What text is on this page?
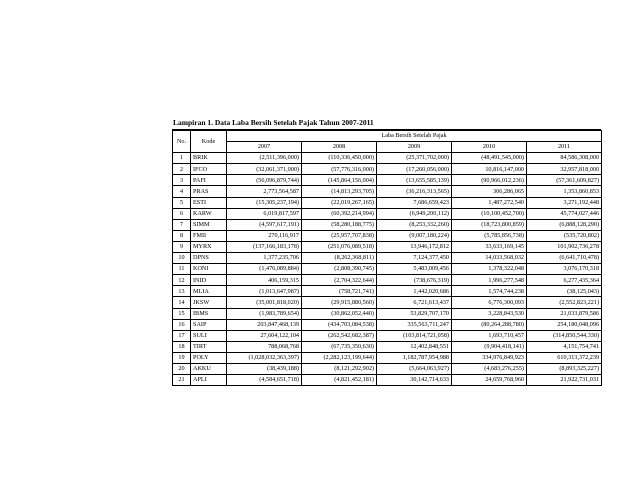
Lampiran 1. Data Laba Bersih Setelah Pajak Tahun 2007-2011
No.	Kode	Laba Bersih Setelah Pajak				
		2007	2008	2009	2010	2011
1	BRIK	(2,511,396,000)	(110,336,450,000)	(25,371,702,000)	(48,491,545,000)	84,586,308,000
2	IFCO	(32,061,371,000)	(57,776,316,000)	(17,260,056,000)	10,816,147,000	32,957,818,000
3	PAFI	(56,096,879,744)	(145,864,156,004)	(13,655,585,139)	(90,966,012,236)	(57,361,609,827)
4	PRAS	2,773,564,587	(14,813,293,705)	(36,216,313,565)	306,286,065	1,353,860,853
5	ESTI	(15,305,237,194)	(22,019,267,165)	7,686,659,423	1,487,272,540	3,271,192,448
6	KARW	6,019,817,597	(60,392,214,994)	(6,949,200,112)	(10,100,452,700)	45,774,027,446
7	SIMM	(4,597,617,191)	(58,280,188,775)	(8,253,332,260)	(18,723,800,859)	(6,888,128,290)
8	FMII	270,116,917	(25,957,707,838)	(9,007,180,224)	(5,785,856,738)	(535,720,802)
9	MYRX	(137,166,183,178)	(251,076,089,518)	13,946,172,812	33,633,169,145	101,902,736,278
10	DPNS	1,377,235,706	(8,262,368,811)	7,124,377,450	14,033,568,032	(6,641,710,478)
11	KONI	(1,476,089,884)	(2,808,390,745)	5,483,009,456	1,378,322,048	3,076,170,318
12	INID	406,159,315	(2,704,322,644)	(738,676,319)	1,996,277,548	6,277,435,364
13	MLIA	(1,013,647,987)	(758,721,741)	1,442,020,686	1,574,744,238	(38,125,043)
14	JKSW	(35,001,818,020)	(29,915,880,560)	6,721,613,437	6,776,300,093	(2,552,823,221)
15	IBMS	(1,983,789,654)	(30,862,052,440)	53,829,707,170	3,228,843,530	21,033,879,586
16	SAIP	203,847,468,139	(434,703,084,538)	335,563,711,247	(80,264,288,780)	254,180,048,096
17	SULI	27,604,122,104	(262,542,682,387)	(103,814,721,058)	1,693,710,457	(314,850,544,330)
18	TIRT	788,068,768	(67,735,350,630)	12,402,848,551	(9,904,418,141)	4,151,754,741
19	POLY	(1,028,032,363,397)	(2,282,123,199,644)	1,182,787,954,988	334,976,849,923	610,313,372,239
20	AKKU	(38,439,188)	(8,121,292,902)	(5,664,063,927)	(4,683,276,255)	(8,893,325,227)
21	APLI	(4,584,651,718)	(4,821,452,181)	30,142,714,633	24,659,768,960	21,922,731,031
